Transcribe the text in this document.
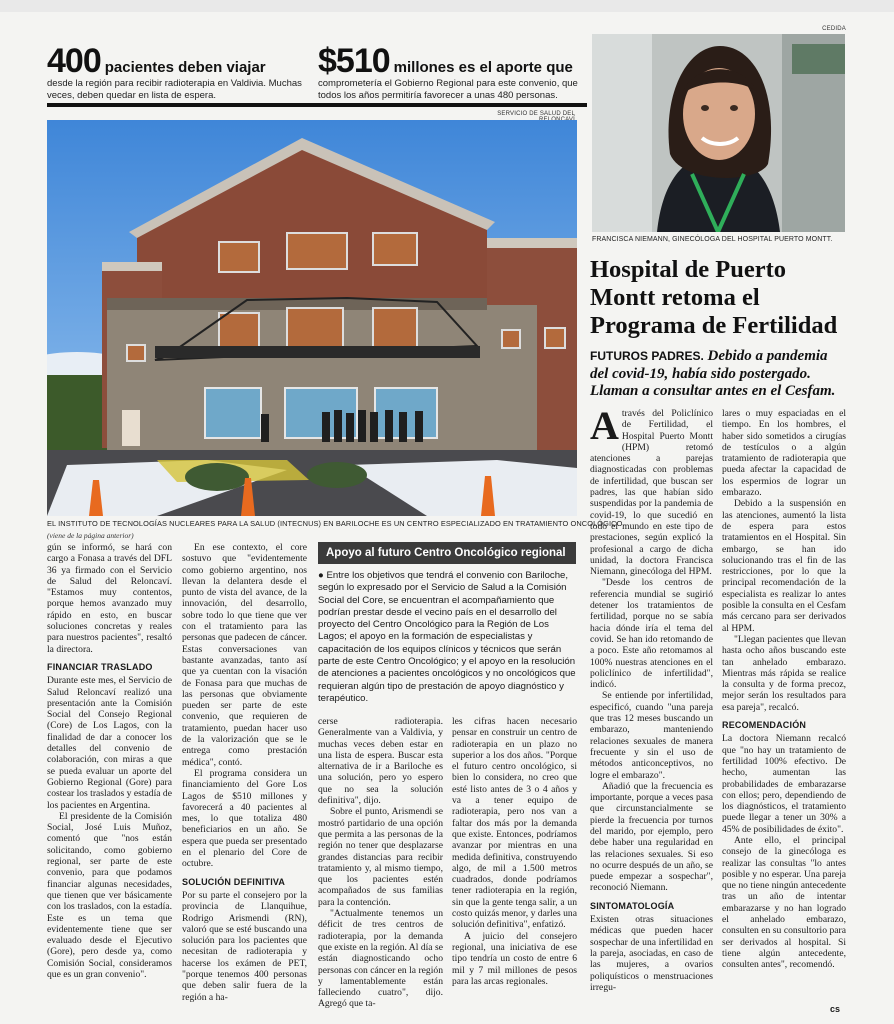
400 pacientes deben viajar
desde la región para recibir radioterapia en Valdivia. Muchas veces, deben quedar en lista de espera.
$510 millones es el aporte que
comprometería el Gobierno Regional para este convenio, que todos los años permitiría favorecer a unas 480 personas.
SERVICIO DE SALUD DEL
EL INSTITUTO DE TECNOLOGÍAS NUCLEARES PARA LA SALUD (INTECNUS) EN BARILOCHE ES UN CENTRO ESPECIALIZADO EN TRATAMIENTO ONCOLÓGICO.
(viene de la página anterior)
CEDIDA
FRANCISCA NIEMANN, GINECÓLOGA DEL HOSPITAL PUERTO MONTT.
Hospital de Puerto Montt retoma el Programa de Fertilidad
FUTUROS PADRES. Debido a pandemia del covid-19, había sido postergado. Llaman a consultar antes en el Cesfam.

Através del Policlínico de Fertilidad, el Hospital Puerto Montt (HPM) retomó atenciones a parejas diagnosticadas con problemas de infertilidad, que buscan ser padres, las que habían sido suspendidas por la pandemia de covid-19, lo que sucedió en todo el mundo en este tipo de prestaciones, según explicó la profesional a cargo de dicha unidad, la doctora Francisca Niemann, ginecóloga del HPM.

"Desde los centros de referencia mundial se sugirió detener los tratamientos de fertilidad, porque no se sabía hacia dónde iría el tema del covid. Se han ido retomando de a poco. Este año retomamos al 100% nuestras atenciones en el policlínico de infertilidad", indicó.

Se entiende por infertilidad, especificó, cuando "una pareja que tras 12 meses buscando un embarazo, manteniendo relaciones sexuales de manera frecuente y sin el uso de métodos anticonceptivos, no logre el embarazo".

Añadió que la frecuencia es importante, porque a veces pasa que circunstancialmente se pierde la frecuencia por turnos del marido, por ejemplo, pero debe haber una regularidad en las relaciones sexuales. Si eso no ocurre después de un año, se puede empezar a sospechar", reconoció Niemann.

SINTOMATOLOGÍA

Existen otras situaciones médicas que pueden hacer sospechar de una infertilidad en la pareja, asociadas, en caso de las mujeres, a ovarios poliquísticos o menstruaciones irregu-

lares o muy espaciadas en el tiempo. En los hombres, el haber sido sometidos a cirugías de testículos o a algún tratamiento de radioterapia que pueda afectar la capacidad de los espermios de lograr un embarazo.

Debido a la suspensión en las atenciones, aumentó la lista de espera para estos tratamientos en el Hospital. Sin embargo, se han ido solucionando tras el fin de las restricciones, por lo que la principal recomendación de la especialista es realizar lo antes posible la consulta en el Cesfam más cercano para ser derivados al HPM.

"Llegan pacientes que llevan hasta ocho años buscando este tan anhelado embarazo. Mientras más rápida se realice la consulta y de forma precoz, mejor serán los resultados para esa pareja", recalcó.

RECOMENDACIÓN

La doctora Niemann recalcó que "no hay un tratamiento de fertilidad 100% efectivo. De hecho, aumentan las probabilidades de embarazarse con ellos; pero, dependiendo de los diagnósticos, el tratamiento puede llegar a tener un 30% a 45% de posibilidades de éxito".

Ante ello, el principal consejo de la ginecóloga es realizar las consultas "lo antes posible y no esperar. Una pareja que no tiene ningún antecedente tras un año de intentar embarazarse y no han logrado el anhelado embarazo, consulten en su consultorio para ser derivados al hospital. Si tiene algún antecedente, consulten antes", recomendó.

cs

gún se informó, se hará con cargo a Fonasa a través del DFL 36 ya firmado con el Servicio de Salud del Reloncaví. "Estamos muy contentos, porque hemos avanzado muy rápido en esto, en buscar soluciones concretas y reales para nuestros pacientes", resaltó la directora.

FINANCIAR TRASLADO

Durante este mes, el Servicio de Salud Reloncaví realizó una presentación ante la Comisión Social del Consejo Regional (Core) de Los Lagos, con la finalidad de dar a conocer los detalles del convenio de colaboración, con miras a que se pueda evaluar un aporte del Gobierno Regional (Gore) para costear los traslados y estadía de los pacientes en Argentina.

El presidente de la Comisión Social, José Luis Muñoz, comentó que "nos están solicitando, como gobierno regional, ser parte de este convenio, para que podamos financiar algunas necesidades, que tienen que ver básicamente con los traslados, con la estadía. Este es un tema que evidentemente tiene que ser evaluado desde el Ejecutivo (Gore), pero desde ya, como Comisión Social, consideramos que es un gran convenio".

En ese contexto, el core sostuvo que "evidentemente como gobierno argentino, nos llevan la delantera desde el punto de vista del avance, de la innovación, del desarrollo, sobre todo lo que tiene que ver con el tratamiento para las personas que padecen de cáncer. Estas conversaciones van bastante avanzadas, tanto así que ya cuentan con la visación de Fonasa para que muchas de las personas que obviamente pueden ser parte de este convenio, que requieren de tratamiento, puedan hacer uso de la valorización que se le entrega como prestación médica", contó.

El programa considera un financiamiento del Gore Los Lagos de $510 millones y favorecerá a 40 pacientes al mes, lo que totaliza 480 beneficiarios en un año. Se espera que pueda ser presentado en el plenario del Core de octubre.

SOLUCIÓN DEFINITIVA

Por su parte el consejero por la provincia de Llanquihue, Rodrigo Arismendi (RN), valoró que se esté buscando una solución para los pacientes que necesitan de radioterapia y hacerse los exámen de PET, "porque tenemos 400 personas que deben salir fuera de la región a ha-

Apoyo al futuro Centro Oncológico regional
● Entre los objetivos que tendrá el convenio con Bariloche, según lo expresado por el Servicio de Salud a la Comisión Social del Core, se encuentran el acompañamiento que podrían prestar desde el vecino país en el desarrollo del proyecto del Centro Oncológico para la Región de Los Lagos; el apoyo en la formación de especialistas y capacitación de los equipos clínicos y técnicos que serán parte de este Centro Oncológico; y el apoyo en la resolución de atenciones a pacientes oncológicos y no oncológicos que requieran algún tipo de prestación de apoyo diagnóstico y terapéutico.

cerse radioterapia. Generalmente van a Valdivia, y muchas veces deben estar en una lista de espera. Buscar esta alternativa de ir a Bariloche es una solución, pero yo espero que no sea la solución definitiva", dijo.

Sobre el punto, Arismendi se mostró partidario de una opción que permita a las personas de la región no tener que desplazarse grandes distancias para recibir tratamiento y, al mismo tiempo, que los pacientes estén acompañados de sus familias para la contención.

"Actualmente tenemos un déficit de tres centros de radioterapia, por la demanda que existe en la región. Al día se están diagnosticando ocho personas con cáncer en la región y lamentablemente están falleciendo cuatro", dijo. Agregó que ta-

les cifras hacen necesario pensar en construir un centro de radioterapia en un plazo no superior a los dos años. "Porque el futuro centro oncológico, si bien lo considera, no creo que esté listo antes de 3 o 4 años y va a tener equipo de radioterapia, pero nos van a faltar dos más por la demanda que existe. Entonces, podríamos avanzar por mientras en una medida definitiva, construyendo algo, de mil a 1.500 metros cuadrados, donde podríamos tener radioterapia en la región, sin que la gente tenga salir, a un costo quizás menor, y darles una solución definitiva", enfatizó.

A juicio del consejero regional, una iniciativa de ese tipo tendría un costo de entre 6 mil y 7 mil millones de pesos para las arcas regionales.
